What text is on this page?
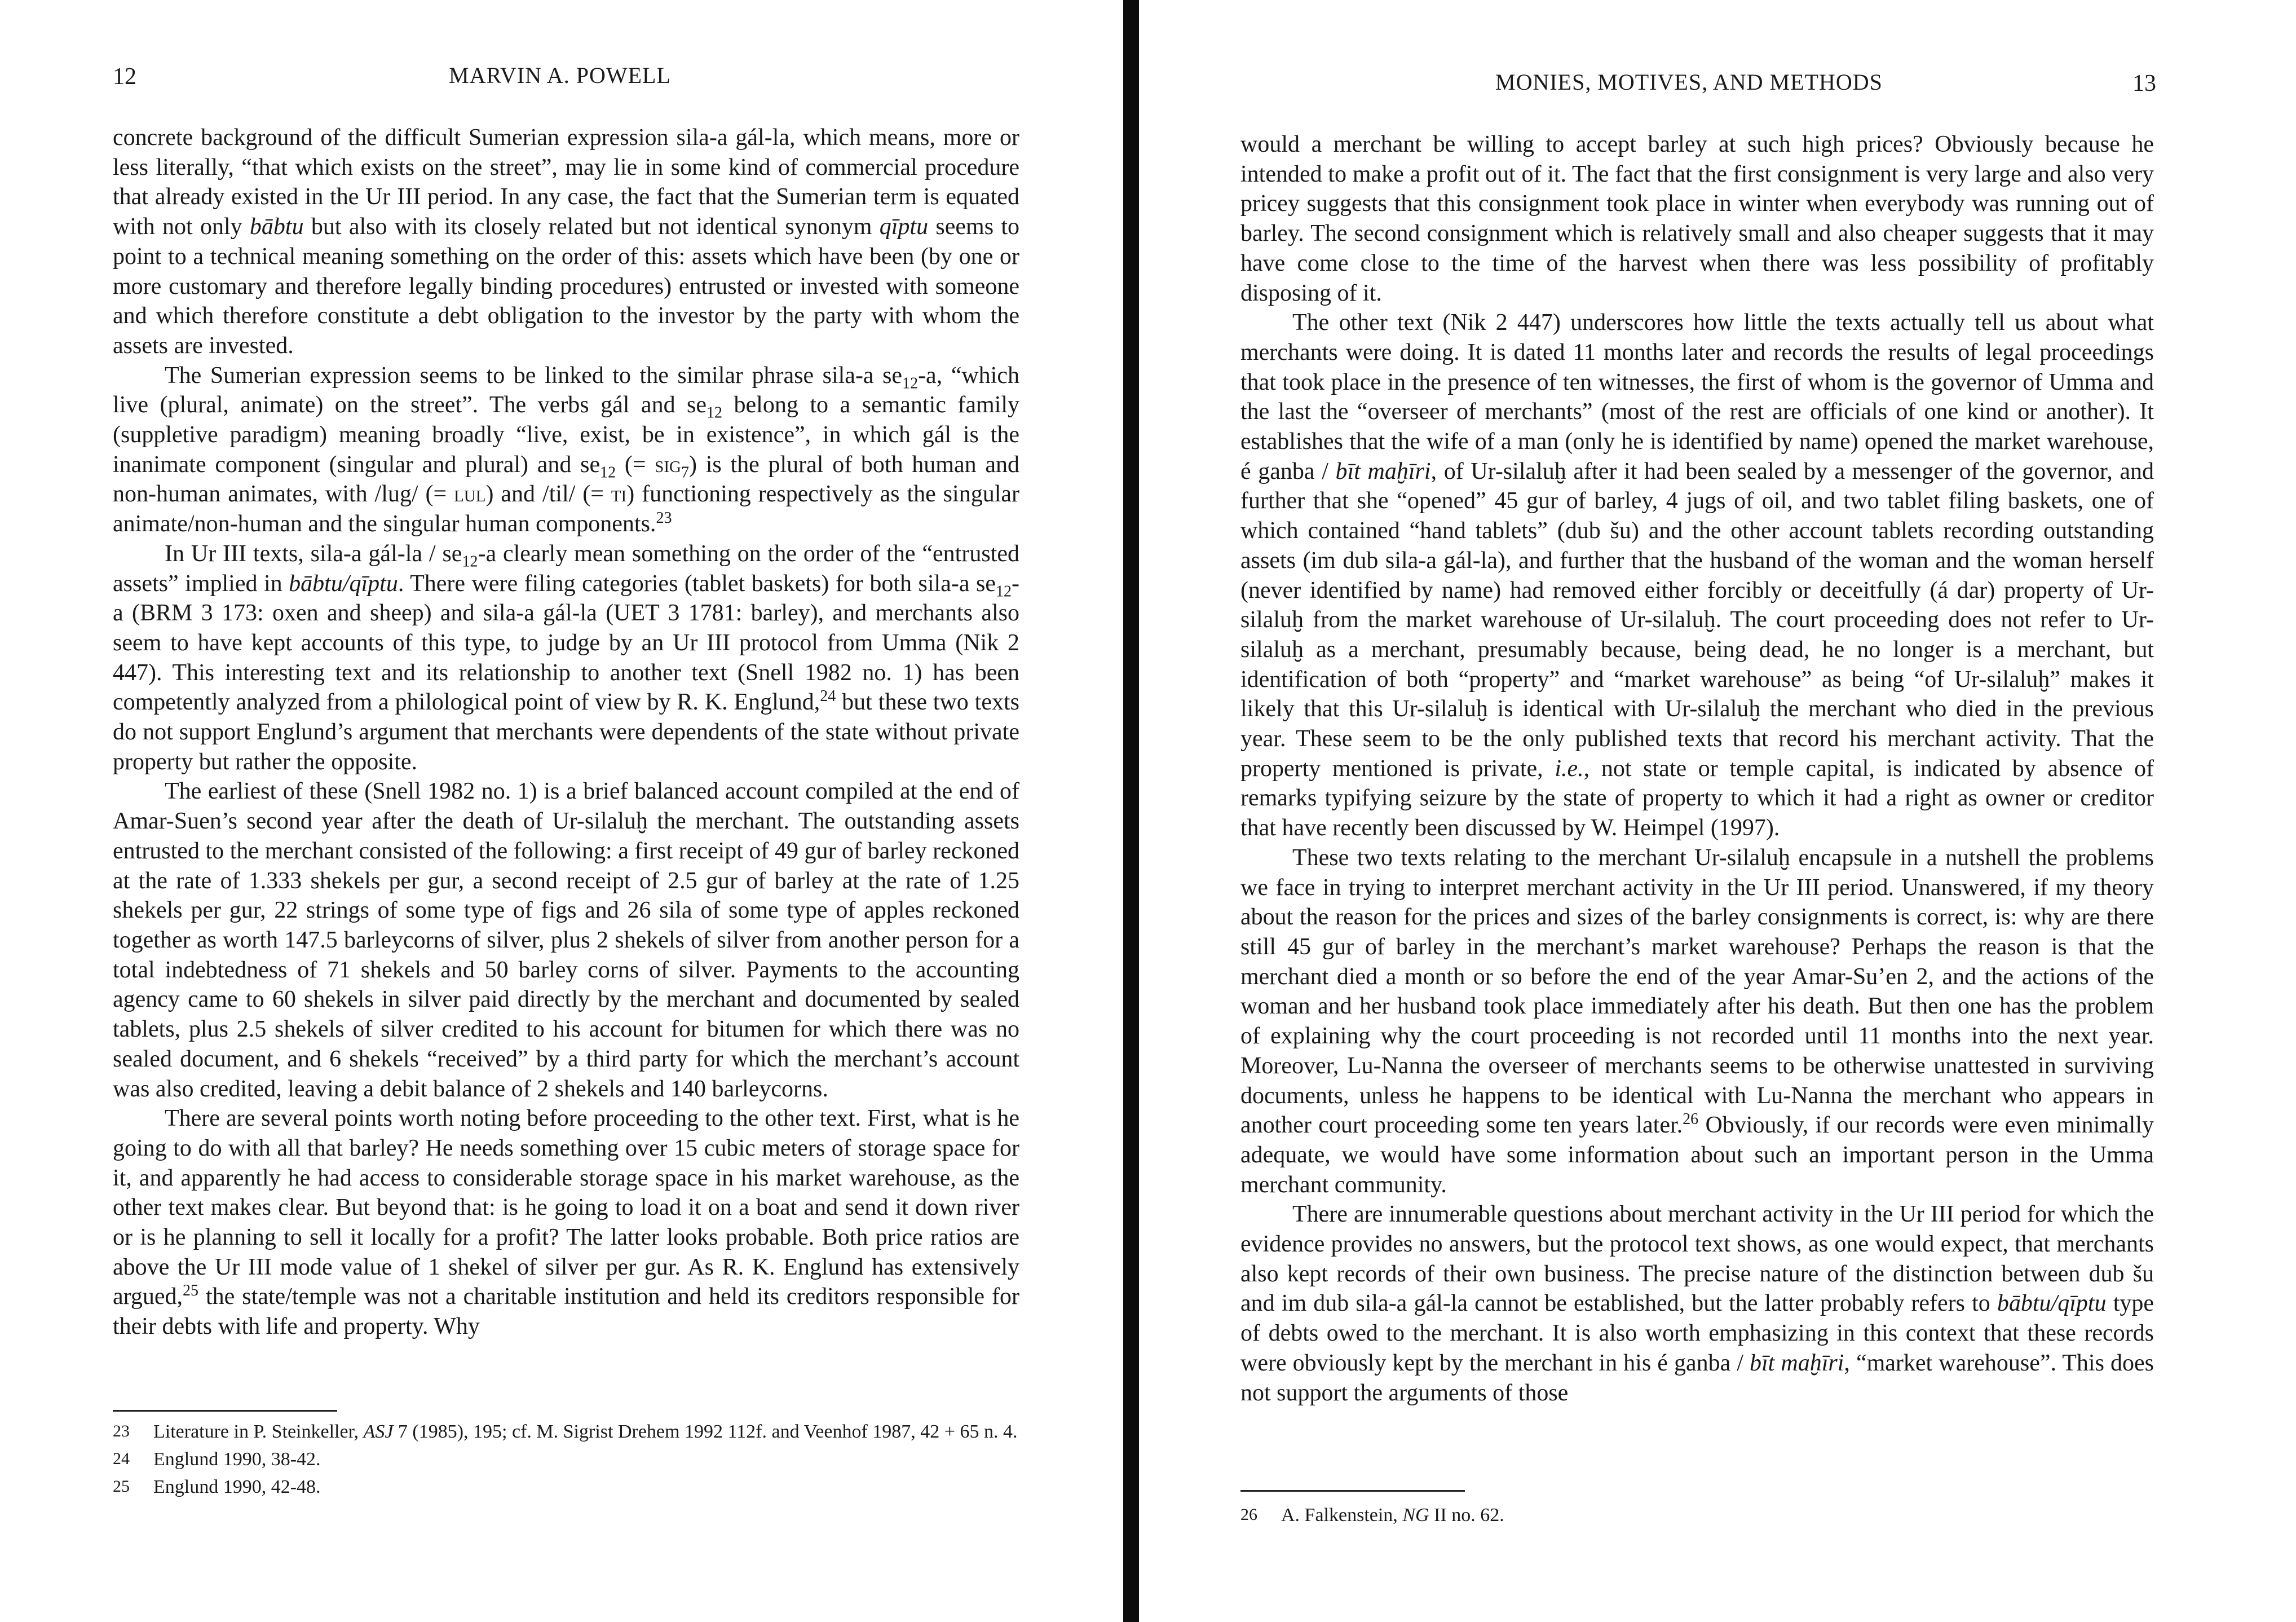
12	MARVIN A. POWELL

concrete background of the difficult Sumerian expression sila-a gál-la, which means, more or less literally, “that which exists on the street”, may lie in some kind of commercial procedure that already existed in the Ur III period. In any case, the fact that the Sumerian term is equated with not only bābtu but also with its closely related but not identical synonym qīptu seems to point to a technical meaning something on the order of this: assets which have been (by one or more customary and therefore legally binding procedures) entrusted or invested with someone and which therefore constitute a debt obligation to the investor by the party with whom the assets are invested.

The Sumerian expression seems to be linked to the similar phrase sila-a $se_{12}-a$, “which live (plural, animate) on the street”. The verbs gál and $se_{12}$ belong to a semantic family (suppletive paradigm) meaning broadly “live, exist, be in existence”, in which gál is the inanimate component (singular and plural) and $se_{12}$ (= sig$_7$) is the plural of both human and non-human animates, with /lug/ (= lul) and /til/ (= ti) functioning respectively as the singular animate/non-human and the singular human components.$^{23}$

In Ur III texts, sila-a gál-la / $se_{12}-a$ clearly mean something on the order of the “entrusted assets” implied in bābtu/qīptu. There were filing categories (tablet baskets) for both sila-a $se_{12}-a$ (BRM 3 173: oxen and sheep) and sila-a gál-la (UET 3 1781: barley), and merchants also seem to have kept accounts of this type, to judge by an Ur III protocol from Umma (Nik 2 447). This interesting text and its relationship to another text (Snell 1982 no. 1) has been competently analyzed from a philological point of view by R. K. Englund,$^{24}$ but these two texts do not support Englund’s argument that merchants were dependents of the state without private property but rather the opposite.

The earliest of these (Snell 1982 no. 1) is a brief balanced account compiled at the end of Amar-Suen’s second year after the death of Ur-silaluḫ the merchant. The outstanding assets entrusted to the merchant consisted of the following: a first receipt of 49 gur of barley reckoned at the rate of 1.333 shekels per gur, a second receipt of 2.5 gur of barley at the rate of 1.25 shekels per gur, 22 strings of some type of figs and 26 sila of some type of apples reckoned together as worth 147.5 barleycorns of silver, plus 2 shekels of silver from another person for a total indebtedness of 71 shekels and 50 barley corns of silver. Payments to the accounting agency came to 60 shekels in silver paid directly by the merchant and documented by sealed tablets, plus 2.5 shekels of silver credited to his account for bitumen for which there was no sealed document, and 6 shekels “received” by a third party for which the merchant’s account was also credited, leaving a debit balance of 2 shekels and 140 barleycorns.

There are several points worth noting before proceeding to the other text. First, what is he going to do with all that barley? He needs something over 15 cubic meters of storage space for it, and apparently he had access to considerable storage space in his market warehouse, as the other text makes clear. But beyond that: is he going to load it on a boat and send it down river or is he planning to sell it locally for a profit? The latter looks probable. Both price ratios are above the Ur III mode value of 1 shekel of silver per gur. As R. K. Englund has extensively argued,$^{25}$ the state/temple was not a charitable institution and held its creditors responsible for their debts with life and property. Why

23 Literature in P. Steinkeller, ASJ 7 (1985), 195; cf. M. Sigrist Drehem 1992 112f. and Veenhof 1987, 42 + 65 n. 4.

24 Englund 1990, 38-42.

25 Englund 1990, 42-48.

MONIES, MOTIVES, AND METHODS	13

would a merchant be willing to accept barley at such high prices? Obviously because he intended to make a profit out of it. The fact that the first consignment is very large and also very pricey suggests that this consignment took place in winter when everybody was running out of barley. The second consignment which is relatively small and also cheaper suggests that it may have come close to the time of the harvest when there was less possibility of profitably disposing of it.

The other text (Nik 2 447) underscores how little the texts actually tell us about what merchants were doing. It is dated 11 months later and records the results of legal proceedings that took place in the presence of ten witnesses, the first of whom is the governor of Umma and the last the “overseer of merchants” (most of the rest are officials of one kind or another). It establishes that the wife of a man (only he is identified by name) opened the market warehouse, é ganba / bīt maḫīri, of Ur-silaluḫ after it had been sealed by a messenger of the governor, and further that she “opened” 45 gur of barley, 4 jugs of oil, and two tablet filing baskets, one of which contained “hand tablets” (dub šu) and the other account tablets recording outstanding assets (im dub sila-a gál-la), and further that the husband of the woman and the woman herself (never identified by name) had removed either forcibly or deceitfully (á dar) property of Ur-silaluḫ from the market warehouse of Ur-silaluḫ. The court proceeding does not refer to Ur-silaluḫ as a merchant, presumably because, being dead, he no longer is a merchant, but identification of both “property” and “market warehouse” as being “of Ur-silaluḫ” makes it likely that this Ur-silaluḫ is identical with Ur-silaluḫ the merchant who died in the previous year. These seem to be the only published texts that record his merchant activity. That the property mentioned is private, i.e., not state or temple capital, is indicated by absence of remarks typifying seizure by the state of property to which it had a right as owner or creditor that have recently been discussed by W. Heimpel (1997).

These two texts relating to the merchant Ur-silaluḫ encapsule in a nutshell the problems we face in trying to interpret merchant activity in the Ur III period. Unanswered, if my theory about the reason for the prices and sizes of the barley consignments is correct, is: why are there still 45 gur of barley in the merchant’s market warehouse? Perhaps the reason is that the merchant died a month or so before the end of the year Amar-Su’en 2, and the actions of the woman and her husband took place immediately after his death. But then one has the problem of explaining why the court proceeding is not recorded until 11 months into the next year. Moreover, Lu-Nanna the overseer of merchants seems to be otherwise unattested in surviving documents, unless he happens to be identical with Lu-Nanna the merchant who appears in another court proceeding some ten years later.$^{26}$ Obviously, if our records were even minimally adequate, we would have some information about such an important person in the Umma merchant community.

There are innumerable questions about merchant activity in the Ur III period for which the evidence provides no answers, but the protocol text shows, as one would expect, that merchants also kept records of their own business. The precise nature of the distinction between dub šu and im dub sila-a gál-la cannot be established, but the latter probably refers to bābtu/qīptu type of debts owed to the merchant. It is also worth emphasizing in this context that these records were obviously kept by the merchant in his é ganba / bīt maḫīri, “market warehouse”. This does not support the arguments of those

26 A. Falkenstein, NG II no. 62.
